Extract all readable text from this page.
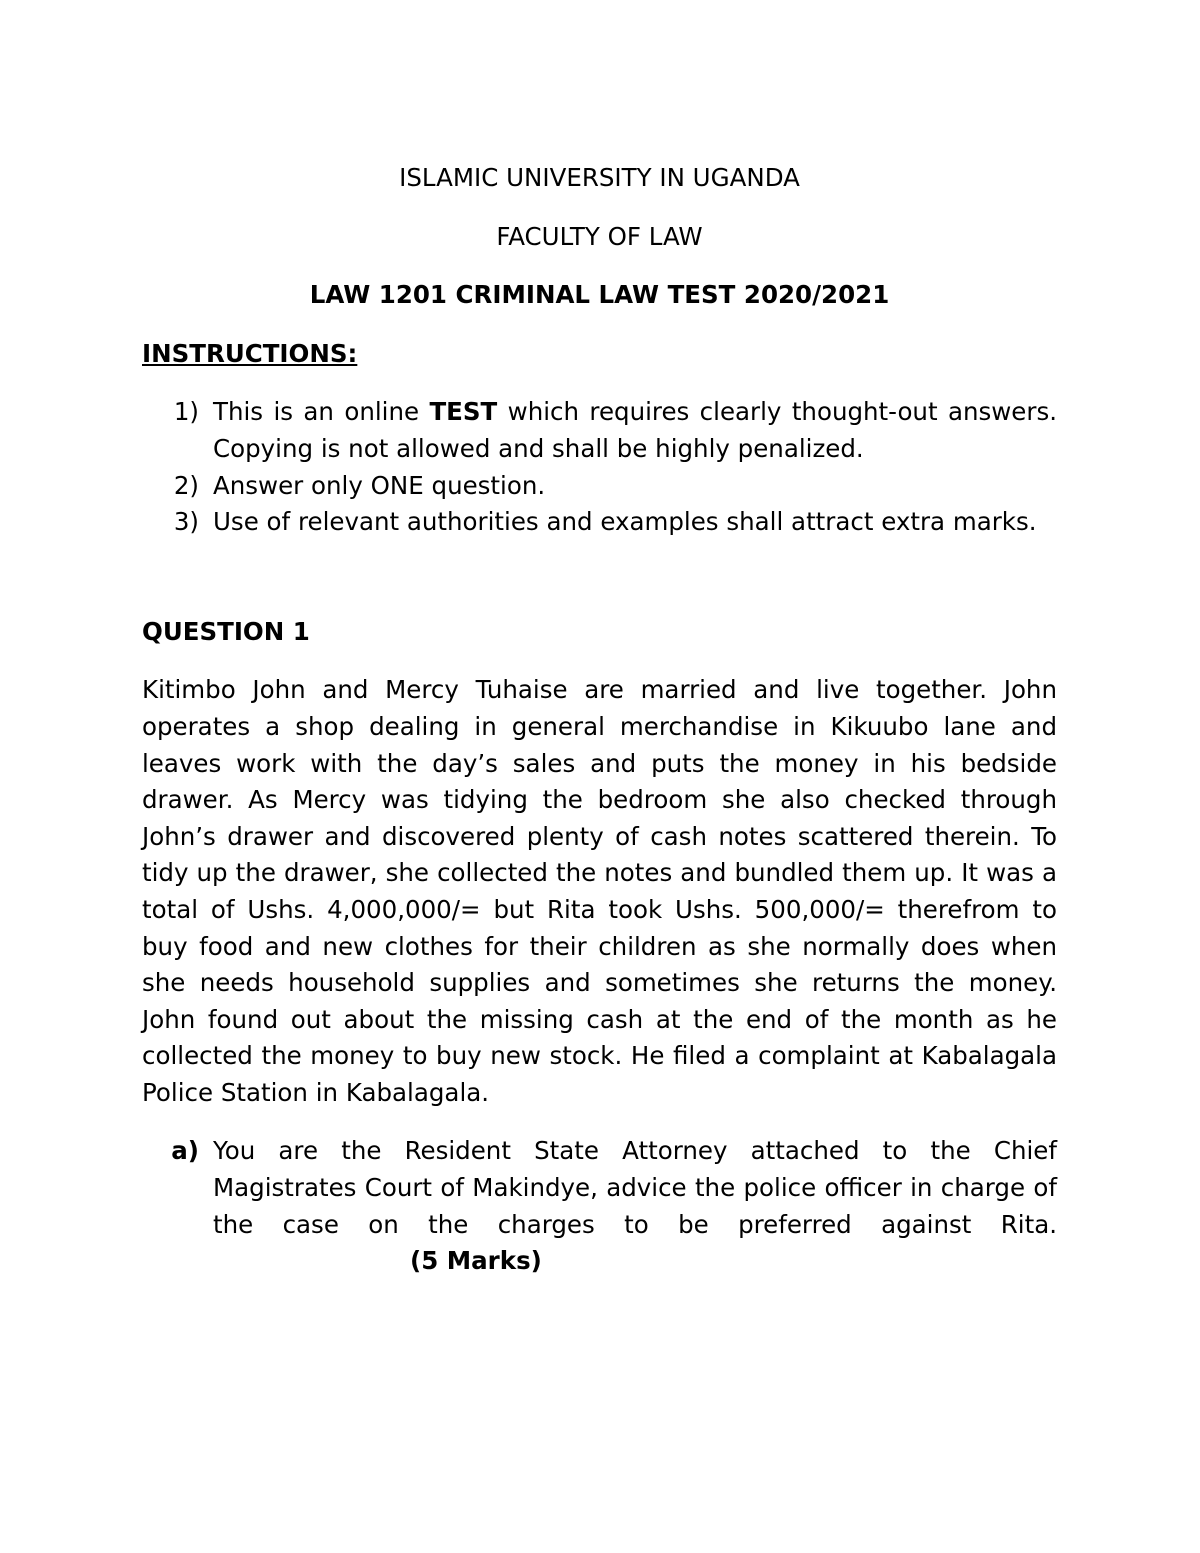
ISLAMIC UNIVERSITY IN UGANDA

FACULTY OF LAW

LAW 1201 CRIMINAL LAW TEST 2020/2021

INSTRUCTIONS:

1) This is an online TEST which requires clearly thought-out answers. Copying is not allowed and shall be highly penalized.
2) Answer only ONE question.
3) Use of relevant authorities and examples shall attract extra marks.

QUESTION 1

Kitimbo John and Mercy Tuhaise are married and live together. John operates a shop dealing in general merchandise in Kikuubo lane and leaves work with the day’s sales and puts the money in his bedside drawer. As Mercy was tidying the bedroom she also checked through John’s drawer and discovered plenty of cash notes scattered therein. To tidy up the drawer, she collected the notes and bundled them up. It was a total of Ushs. 4,000,000/= but Rita took Ushs. 500,000/= therefrom to buy food and new clothes for their children as she normally does when she needs household supplies and sometimes she returns the money. John found out about the missing cash at the end of the month as he collected the money to buy new stock. He filed a complaint at Kabalagala Police Station in Kabalagala.

a) You are the Resident State Attorney attached to the Chief Magistrates Court of Makindye, advice the police officer in charge of the case on the charges to be preferred against Rita.(5 Marks)
